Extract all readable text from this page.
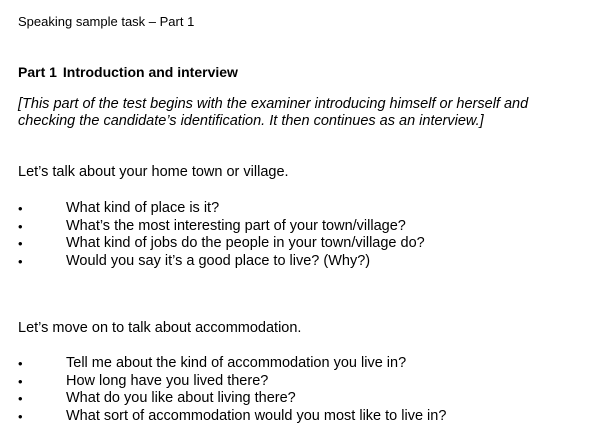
Speaking sample task – Part 1
Part 1 Introduction and interview
[This part of the test begins with the examiner introducing himself or herself and checking the candidate’s identification. It then continues as an interview.]
Let’s talk about your home town or village.
•	What kind of place is it?
•	What’s the most interesting part of your town/village?
•	What kind of jobs do the people in your town/village do?
•	Would you say it’s a good place to live? (Why?)
Let’s move on to talk about accommodation.
•	Tell me about the kind of accommodation you live in?
•	How long have you lived there?
•	What do you like about living there?
•	What sort of accommodation would you most like to live in?
